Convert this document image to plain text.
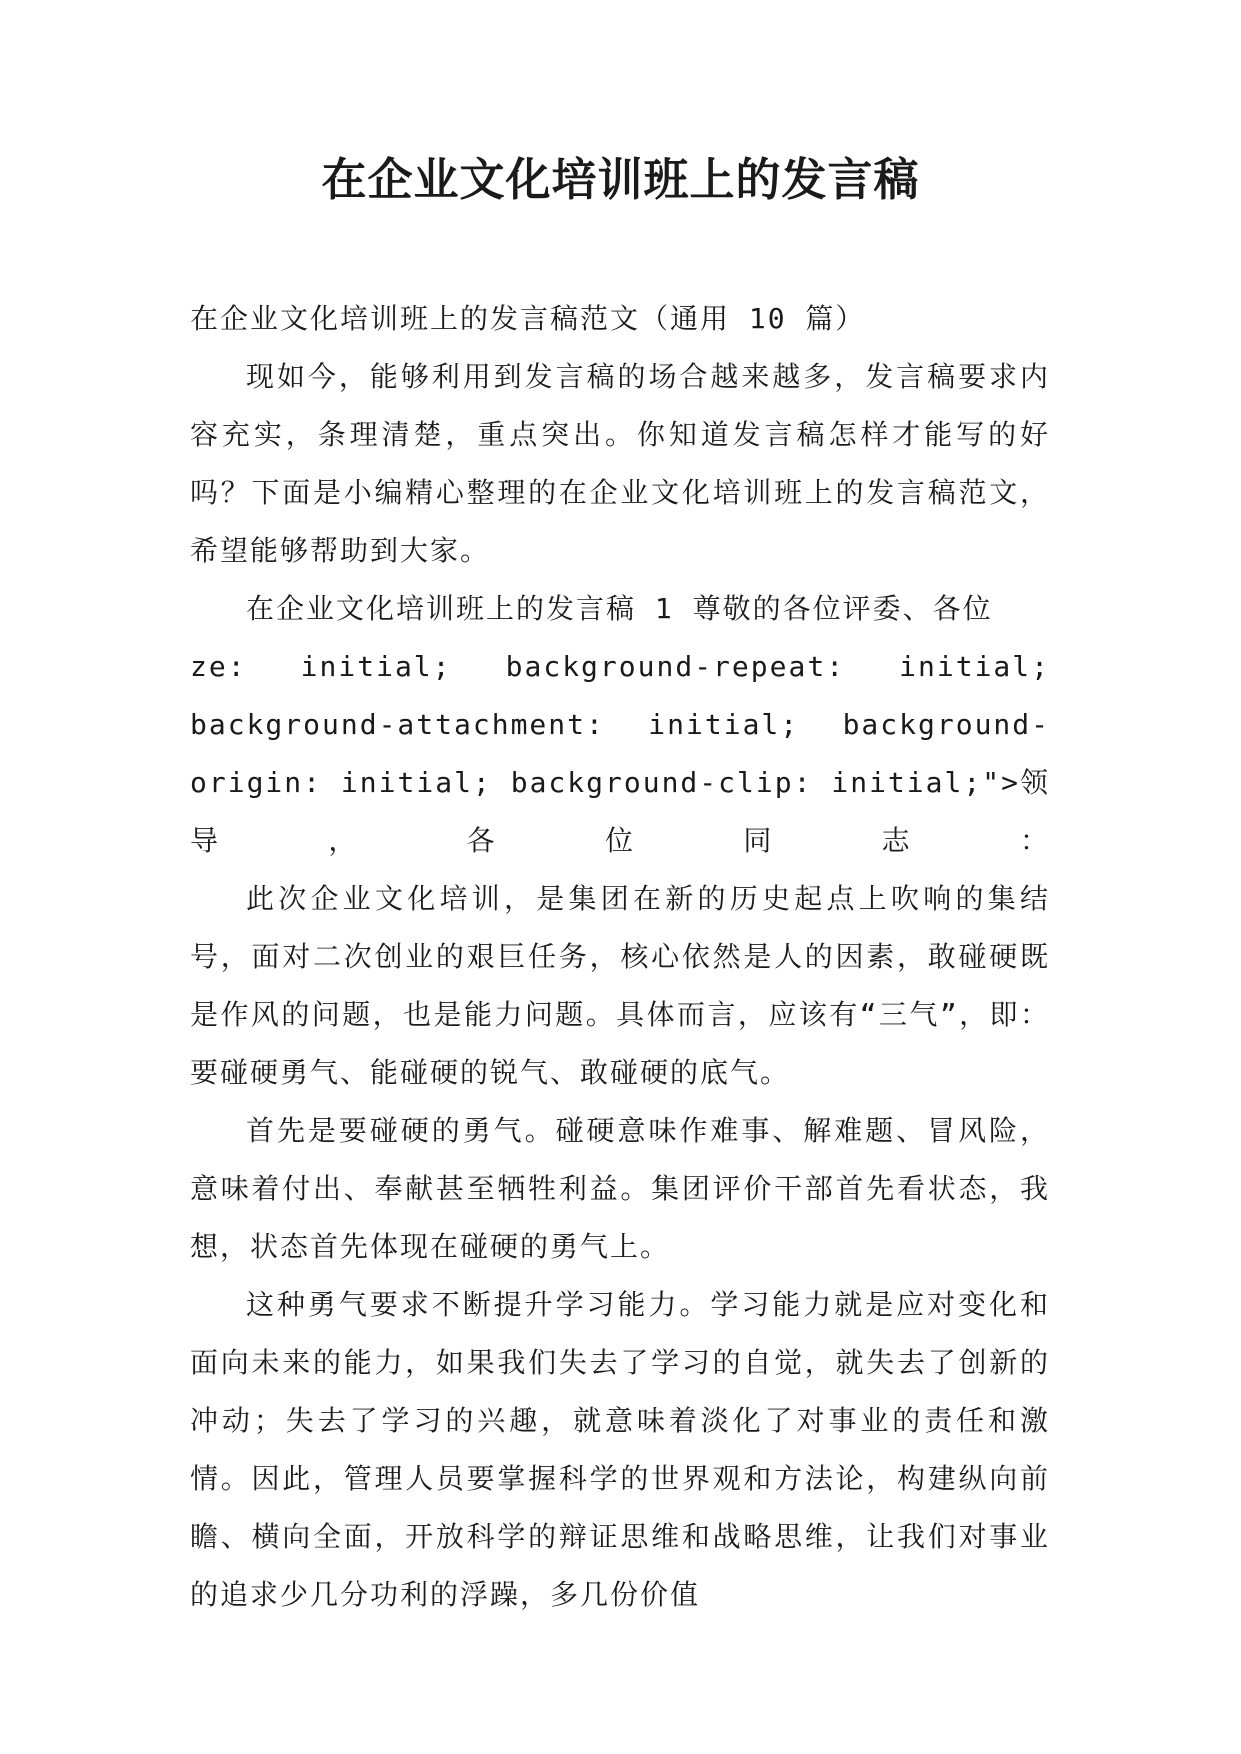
在企业文化培训班上的发言稿

在企业文化培训班上的发言稿范文（通用 10 篇）

现如今，能够利用到发言稿的场合越来越多，发言稿要求内容充实，条理清楚，重点突出。你知道发言稿怎样才能写的好吗？下面是小编精心整理的在企业文化培训班上的发言稿范文，希望能够帮助到大家。

在企业文化培训班上的发言稿 1 尊敬的各位评委、各位

ze: initial; background-repeat: initial; background-attachment: initial; background-origin: initial; background-clip: initial;">领导，各位同志：

此次企业文化培训，是集团在新的历史起点上吹响的集结号，面对二次创业的艰巨任务，核心依然是人的因素，敢碰硬既是作风的问题，也是能力问题。具体而言，应该有“三气”，即：要碰硬勇气、能碰硬的锐气、敢碰硬的底气。

首先是要碰硬的勇气。碰硬意味作难事、解难题、冒风险，意味着付出、奉献甚至牺牲利益。集团评价干部首先看状态，我想，状态首先体现在碰硬的勇气上。

这种勇气要求不断提升学习能力。学习能力就是应对变化和面向未来的能力，如果我们失去了学习的自觉，就失去了创新的冲动；失去了学习的兴趣，就意味着淡化了对事业的责任和激情。因此，管理人员要掌握科学的世界观和方法论，构建纵向前瞻、横向全面，开放科学的辩证思维和战略思维，让我们对事业的追求少几分功利的浮躁，多几份价值
